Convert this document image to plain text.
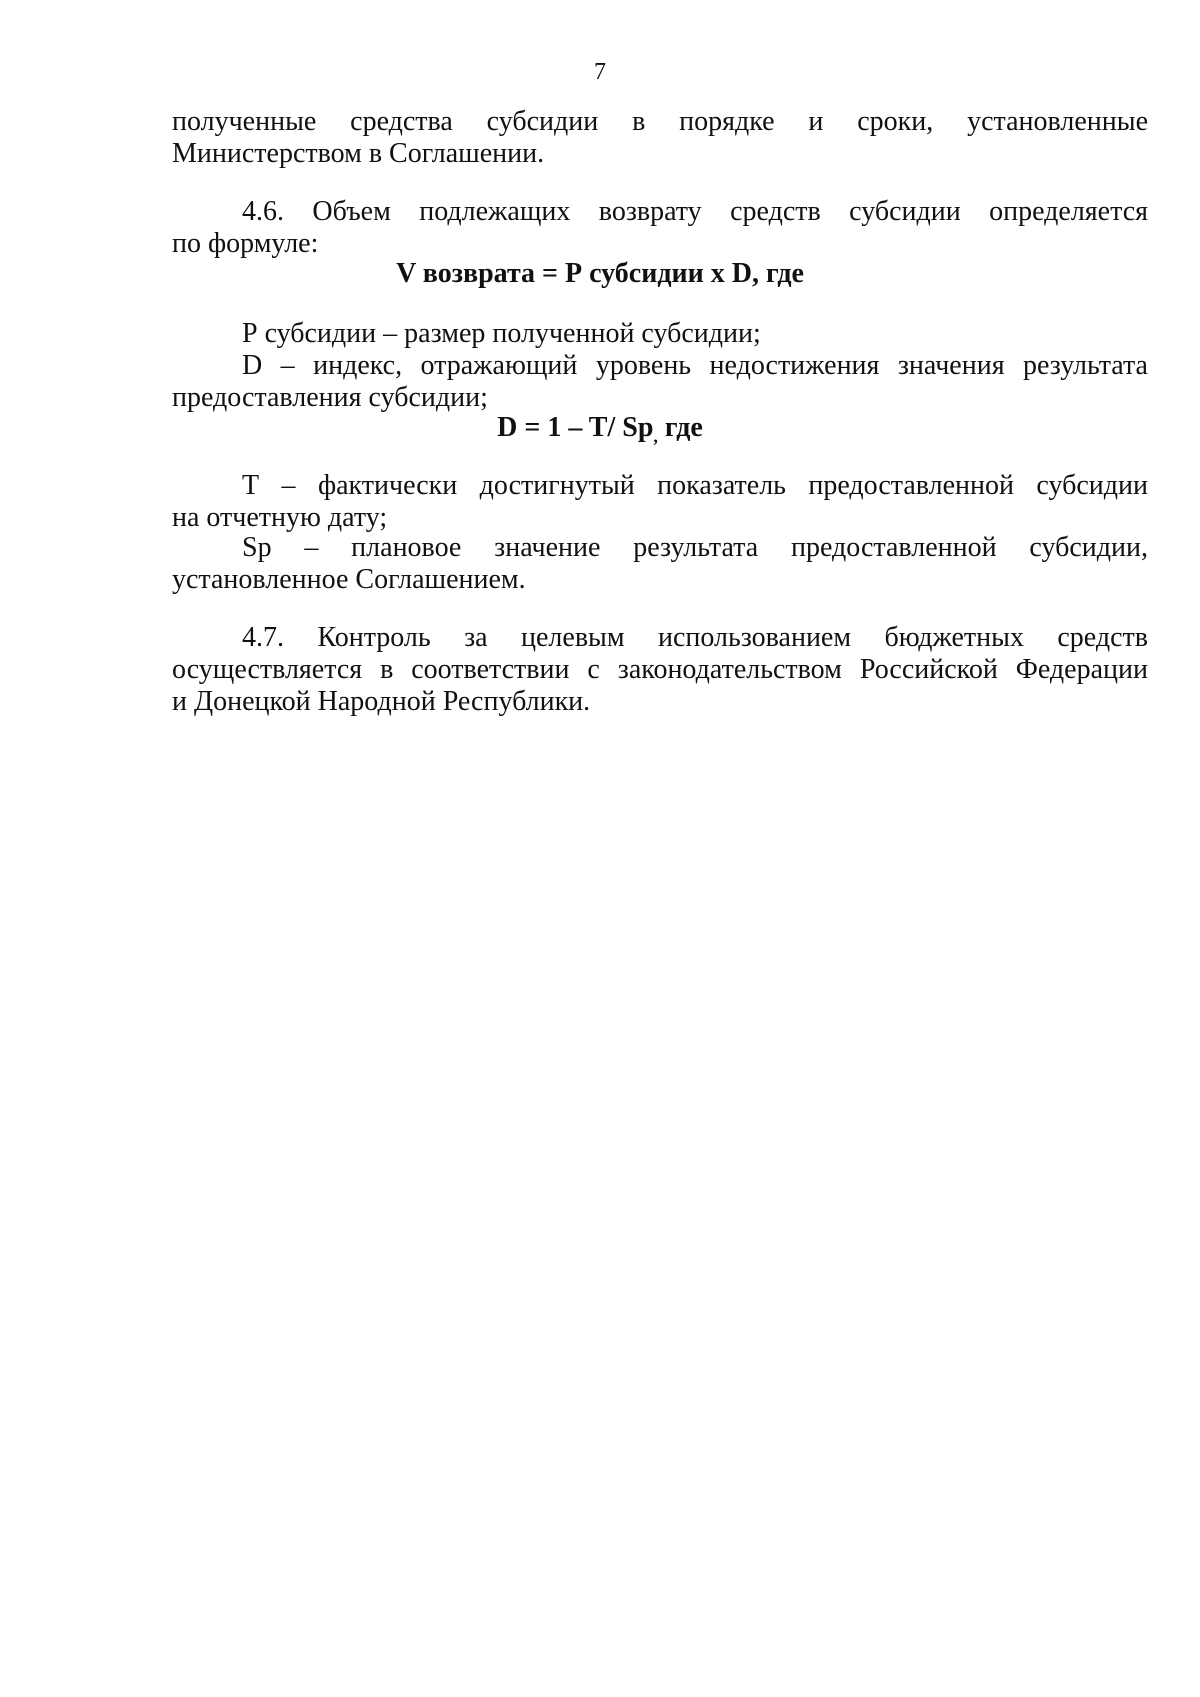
7
полученные средства субсидии в порядке и сроки, установленные
Министерством в Соглашении.
4.6. Объем подлежащих возврату средств субсидии определяется
по формуле:
V возврата = Р субсидии х D, где
Р субсидии – размер полученной субсидии;
D – индекс, отражающий уровень недостижения значения результата
предоставления субсидии;
D = 1 – T/ $Sp_,$ где
Т – фактически достигнутый показатель предоставленной субсидии
на отчетную дату;
Sp – плановое значение результата предоставленной субсидии,
установленное Соглашением.
4.7. Контроль за целевым использованием бюджетных средств
осуществляется в соответствии с законодательством Российской Федерации
и Донецкой Народной Республики.
